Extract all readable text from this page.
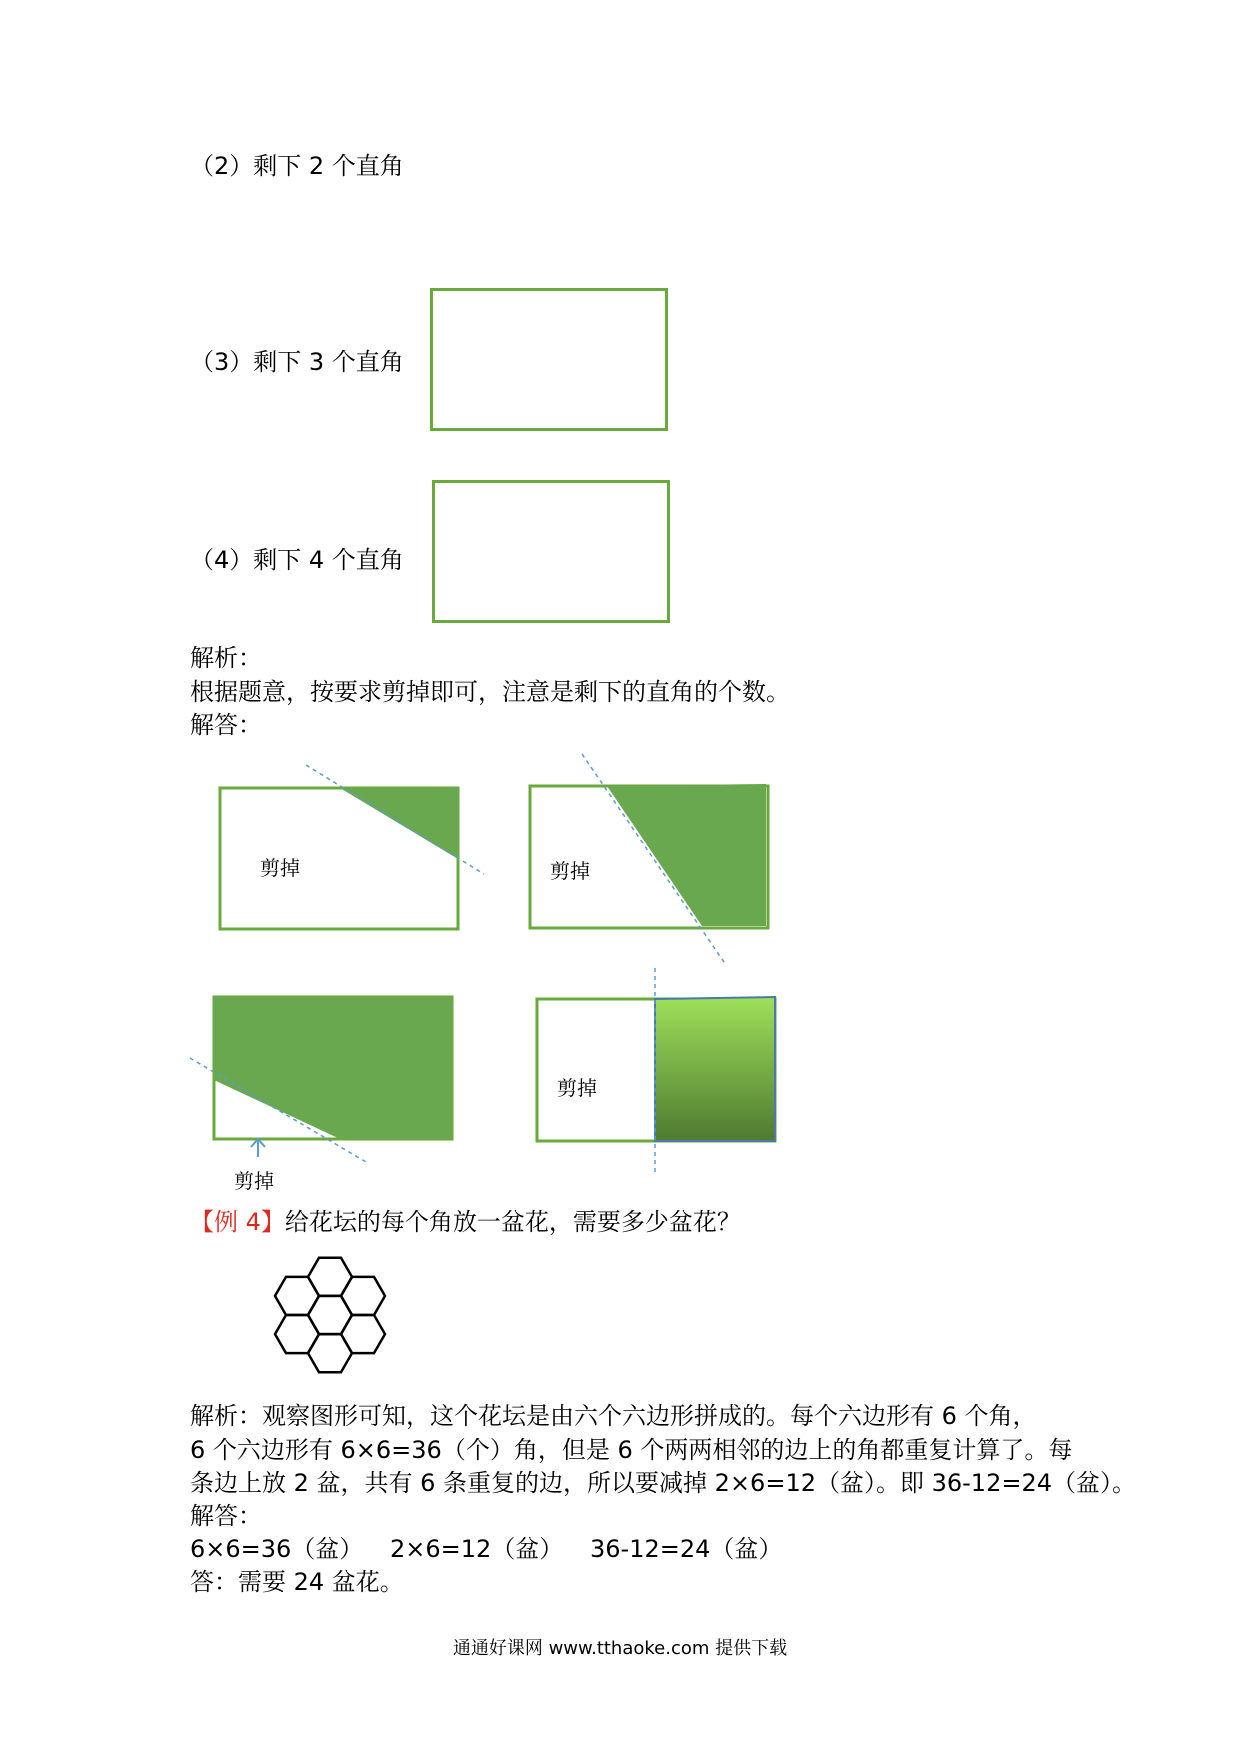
（2）剩下 2 个直角
（3）剩下 3 个直角
（4）剩下 4 个直角
解析：
根据题意，按要求剪掉即可，注意是剩下的直角的个数。
解答：
剪掉	剪掉
剪掉
剪掉
【例 4】给花坛的每个角放一盆花，需要多少盆花？
解析：观察图形可知，这个花坛是由六个六边形拼成的。每个六边形有 6 个角，
6 个六边形有 6×6=36（个）角，但是 6 个两两相邻的边上的角都重复计算了。每
条边上放 2 盆，共有 6 条重复的边，所以要减掉 2×6=12（盆）。即 36-12=24（盆）。
解答：
6×6=36（盆） 2×6=12（盆） 36-12=24（盆）
答：需要 24 盆花。
通通好课网 www.tthaoke.com 提供下载
